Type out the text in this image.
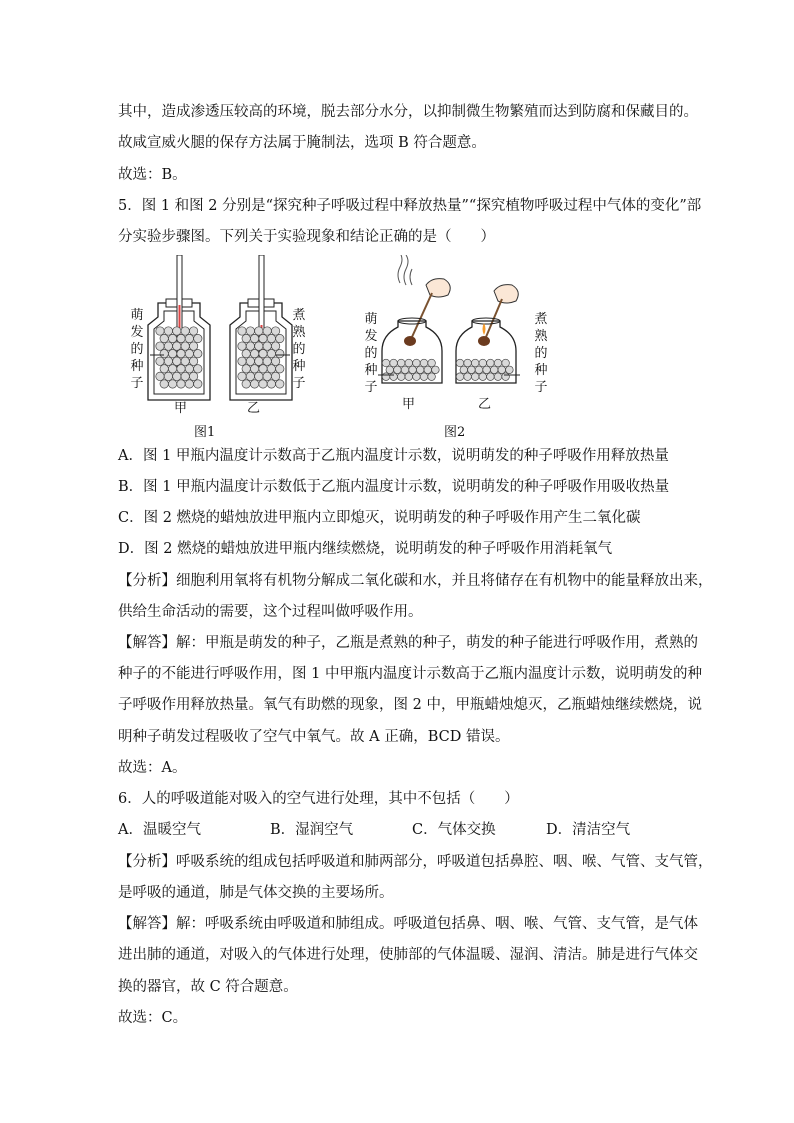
其中，造成渗透压较高的环境，脱去部分水分，以抑制微生物繁殖而达到防腐和保藏目的。
故咸宣威火腿的保存方法属于腌制法，选项 B 符合题意。
故选：B。
5．图 1 和图 2 分别是“探究种子呼吸过程中释放热量”“探究植物呼吸过程中气体的变化”部
分实验步骤图。下列关于实验现象和结论正确的是（　　）
萌
发
的
种
子
煮
熟
的
种
子
甲	乙
图1
萌
发
的
种
子
煮
熟
的
种
子
甲	乙
图2
A．图 1 甲瓶内温度计示数高于乙瓶内温度计示数，说明萌发的种子呼吸作用释放热量
B．图 1 甲瓶内温度计示数低于乙瓶内温度计示数，说明萌发的种子呼吸作用吸收热量
C．图 2 燃烧的蜡烛放进甲瓶内立即熄灭，说明萌发的种子呼吸作用产生二氧化碳
D．图 2 燃烧的蜡烛放进甲瓶内继续燃烧，说明萌发的种子呼吸作用消耗氧气
【分析】细胞利用氧将有机物分解成二氧化碳和水，并且将储存在有机物中的能量释放出来，
供给生命活动的需要，这个过程叫做呼吸作用。
【解答】解：甲瓶是萌发的种子，乙瓶是煮熟的种子，萌发的种子能进行呼吸作用，煮熟的
种子的不能进行呼吸作用，图 1 中甲瓶内温度计示数高于乙瓶内温度计示数，说明萌发的种
子呼吸作用释放热量。氧气有助燃的现象，图 2 中，甲瓶蜡烛熄灭，乙瓶蜡烛继续燃烧，说
明种子萌发过程吸收了空气中氧气。故 A 正确，BCD 错误。
故选：A。
6．人的呼吸道能对吸入的空气进行处理，其中不包括（　　）
A．温暖空气	B．湿润空气	C．气体交换	D．清洁空气
【分析】呼吸系统的组成包括呼吸道和肺两部分，呼吸道包括鼻腔、咽、喉、气管、支气管，
是呼吸的通道，肺是气体交换的主要场所。
【解答】解：呼吸系统由呼吸道和肺组成。呼吸道包括鼻、咽、喉、气管、支气管，是气体
进出肺的通道，对吸入的气体进行处理，使肺部的气体温暖、湿润、清洁。肺是进行气体交
换的器官，故 C 符合题意。
故选：C。
